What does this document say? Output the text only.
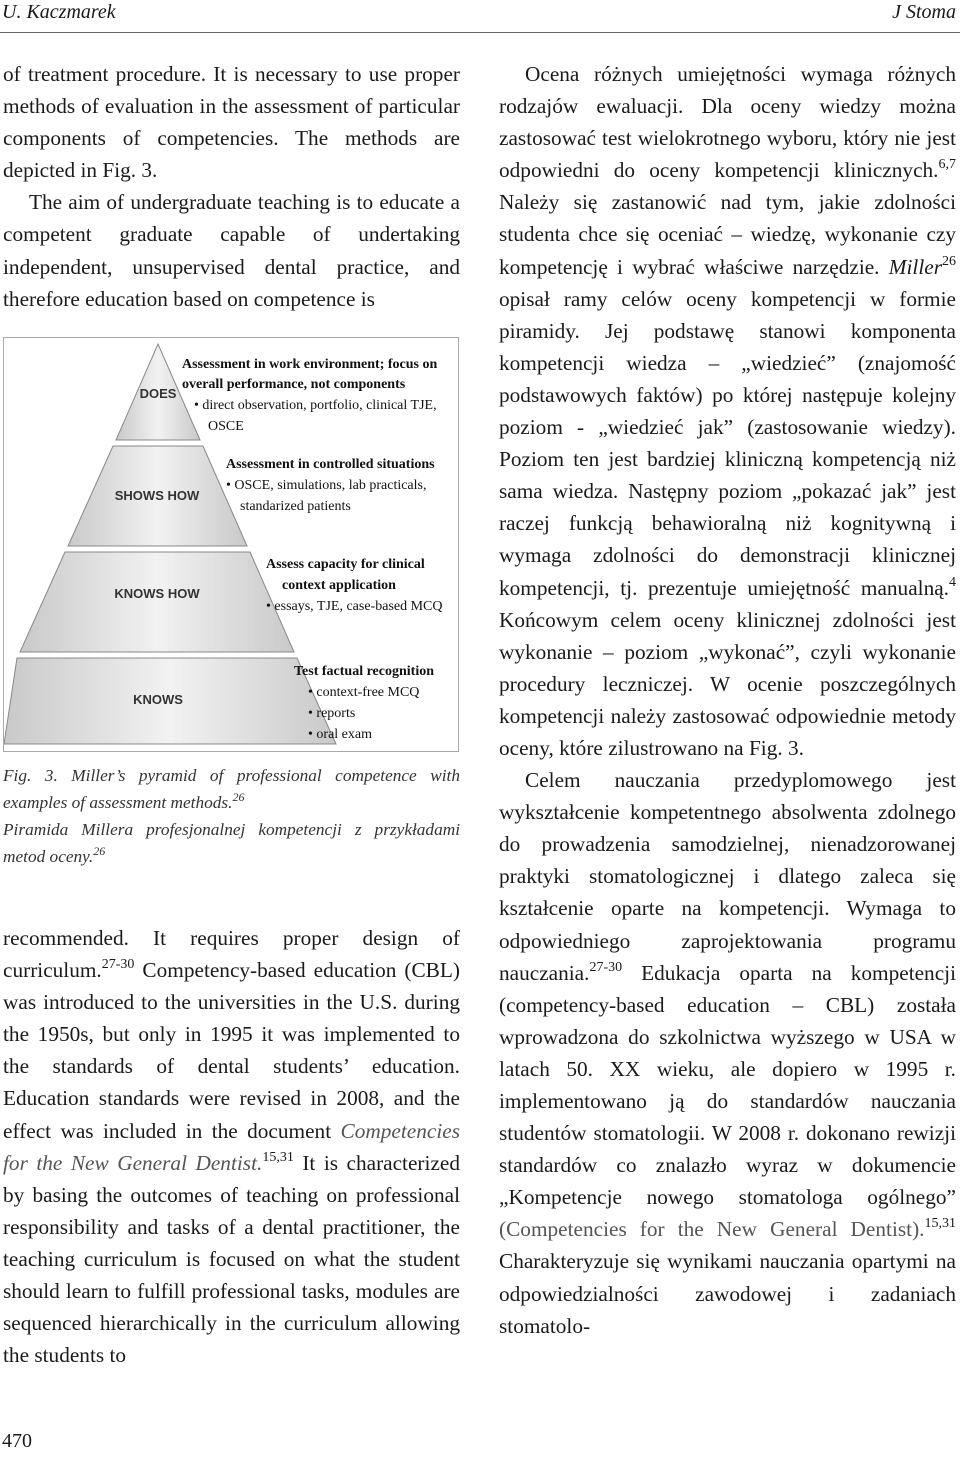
U. Kaczmarek	J Stoma

of treatment procedure. It is necessary to use proper methods of evaluation in the assessment of particular components of competencies. The methods are depicted in Fig. 3.

The aim of undergraduate teaching is to educate a competent graduate capable of undertaking independent, unsupervised dental practice, and therefore education based on competence is

DOES
SHOWS HOW
KNOWS HOW
KNOWS
Assessment in work environment; focus on
overall performance, not components
• direct observation, portfolio, clinical TJE,
OSCE
Assessment in controlled situations
• OSCE, simulations, lab practicals,
standarized patients
Assess capacity for clinical
context application
• essays, TJE, case-based MCQ
Test factual recognition
• context-free MCQ
• reports
• oral exam

Fig. 3. Miller’s pyramid of professional competence with examples of assessment methods.$^{26}$

Piramida Millera profesjonalnej kompetencji z przykładami metod oceny.$^{26}$

recommended. It requires proper design of curriculum.$^{27-30}$ Competency-based education (CBL) was introduced to the universities in the U.S. during the 1950s, but only in 1995 it was implemented to the standards of dental students’ education. Education standards were revised in 2008, and the effect was included in the document Competencies for the New General Dentist.$^{15,31}$ It is characterized by basing the outcomes of teaching on professional responsibility and tasks of a dental practitioner, the teaching curriculum is focused on what the student should learn to fulfill professional tasks, modules are sequenced hierarchically in the curriculum allowing the students to

Ocena różnych umiejętności wymaga różnych rodzajów ewaluacji. Dla oceny wiedzy można zastosować test wielokrotnego wyboru, który nie jest odpowiedni do oceny kompetencji klinicznych.$^{6,7}$ Należy się zastanowić nad tym, jakie zdolności studenta chce się oceniać – wiedzę, wykonanie czy kompetencję i wybrać właściwe narzędzie. Miller$^{26}$ opisał ramy celów oceny kompetencji w formie piramidy. Jej podstawę stanowi komponenta kompetencji wiedza – „wiedzieć” (znajomość podstawowych faktów) po której następuje kolejny poziom - „wiedzieć jak” (zastosowanie wiedzy). Poziom ten jest bardziej kliniczną kompetencją niż sama wiedza. Następny poziom „pokazać jak” jest raczej funkcją behawioralną niż kognitywną i wymaga zdolności do demonstracji klinicznej kompetencji, tj. prezentuje umiejętność manualną.$^4$ Końcowym celem oceny klinicznej zdolności jest wykonanie – poziom „wykonać”, czyli wykonanie procedury leczniczej. W ocenie poszczególnych kompetencji należy zastosować odpowiednie metody oceny, które zilustrowano na Fig. 3.

Celem nauczania przedyplomowego jest wykształcenie kompetentnego absolwenta zdolnego do prowadzenia samodzielnej, nienadzorowanej praktyki stomatologicznej i dlatego zaleca się kształcenie oparte na kompetencji. Wymaga to odpowiedniego zaprojektowania programu nauczania.$^{27-30}$ Edukacja oparta na kompetencji (competency-based education – CBL) została wprowadzona do szkolnictwa wyższego w USA w latach 50. XX wieku, ale dopiero w 1995 r. implementowano ją do standardów nauczania studentów stomatologii. W 2008 r. dokonano rewizji standardów co znalazło wyraz w dokumencie „Kompetencje nowego stomatologa ogólnego” (Competencies for the New General Dentist).$^{15,31}$ Charakteryzuje się wynikami nauczania opartymi na odpowiedzialności zawodowej i zadaniach stomatolo-

470
